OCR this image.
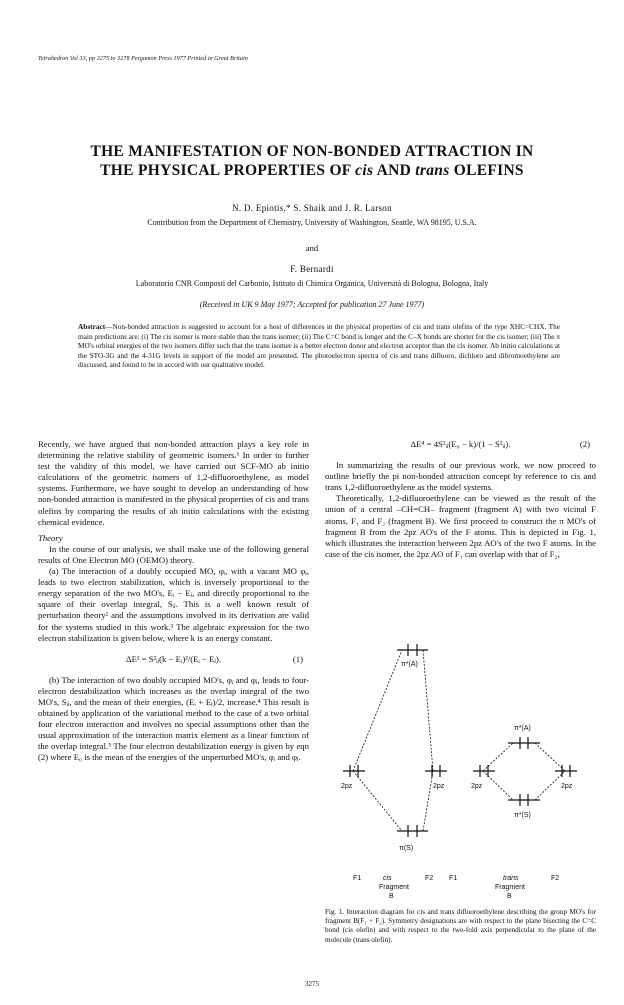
Tetrahedron Vol 33, pp 3275 to 3278 Pergamon Press 1977 Printed in Great Britain
THE MANIFESTATION OF NON-BONDED ATTRACTION IN
THE PHYSICAL PROPERTIES OF cis AND trans OLEFINS
N. D. Epiotis,* S. Shaik and J. R. Larson
Contribution from the Department of Chemistry, University of Washington, Seattle, WA 98195, U.S.A.
and
F. Bernardi
Laboratorio CNR Composti del Carbonio, Istituto di Chimica Organica, Università di Bologna, Bologna, Italy
(Received in UK 9 May 1977; Accepted for publication 27 June 1977)
Abstract—Non-bonded attraction is suggested to account for a host of differences in the physical properties of cis and trans olefins of the type XHC=CHX. The main predictions are: (i) The cis isomer is more stable than the trans isomer; (ii) The C=C bond is longer and the C–X bonds are shorter for the cis isomer; (iii) The π MO's orbital energies of the two isomers differ such that the trans isomer is a better electron donor and electron acceptor than the cis isomer. Ab initio calculations at the STO-3G and the 4-31G levels in support of the model are presented. The photoelectron spectra of cis and trans difluoro, dichloro and dibromoethylene are discussed, and found to be in accord with our qualitative model.

Recently, we have argued that non-bonded attraction plays a key role in determining the relative stability of geometric isomers.¹ In order to further test the validity of this model, we have carried out SCF-MO ab initio calculations of the geometric isomers of 1,2-difluoroethylene, as model systems. Furthermore, we have sought to develop an understanding of how non-bonded attraction is manifested in the physical properties of cis and trans olefins by comparing the results of ab initio calculations with the existing chemical evidence.

Theory

In the course of our analysis, we shall make use of the following general results of One Electron MO (OEMO) theory.

(a) The interaction of a doubly occupied MO, φᵢ, with a vacant MO φⱼ, leads to two electron stabilization, which is inversely proportional to the energy separation of the two MO's, Eᵢ − Eⱼ, and directly proportional to the square of their overlap integral, Sᵢⱼ. This is a well known result of perturbation theory² and the assumptions involved in its derivation are valid for the systems studied in this work.³ The algebraic expression for the two electron stabilization is given below, where k is an energy constant.

ΔE² = S²ᵢⱼ(k − Eᵢ)²/(Eᵢ − Eⱼ).	(1)

(b) The interaction of two doubly occupied MO's, φᵢ and φⱼ, leads to four-electron destabilization which increases as the overlap integral of the two MO's, Sᵢⱼ, and the mean of their energies, (Eᵢ + Eⱼ)/2, increase.⁴ This result is obtained by application of the variational method to the case of a two orbital four electron interaction and involves no special assumptions other than the usual approximation of the interaction matrix element as a linear function of the overlap integral.⁵ The four electron destabilization energy is given by eqn (2) where E₀ is the mean of the energies of the unperturbed MO's, φᵢ and φⱼ.

ΔE⁴ = 4S²ᵢⱼ(E₀ − k)/(1 − S²ᵢⱼ).	(2)

In summarizing the results of our previous work, we now proceed to outline briefly the pi non-bonded attraction concept by reference to cis and trans 1,2-difluoroethylene as the model systems.

Theoretically, 1,2-difluoroethylene can be viewed as the result of the union of a central –CH=CH– fragment (fragment A) with two vicinal F atoms, F₁ and F₂ (fragment B). We first proceed to construct the π MO's of fragment B from the 2pz AO's of the F atoms. This is depicted in Fig. 1, which illustrates the interaction between 2pz AO's of the two F atoms. In the case of the cis isomer, the 2pz AO of F₁ can overlap with that of F₂,

π*(A)
π(S)
π*(A)
π*(S)
2pz	2pz	2pz	2pz
F1	cis	F2 F1	trans	F2
Fragment
B
Fragment
B
Fig. 1. Interaction diagram for cis and trans difluoroethylene describing the group MO's for fragment B(F₁ + F₂). Symmetry designations are with respect to the plane bisecting the C=C bond (cis olefin) and with respect to the two-fold axis perpendicular to the plane of the molecule (trans olefin).
3275
